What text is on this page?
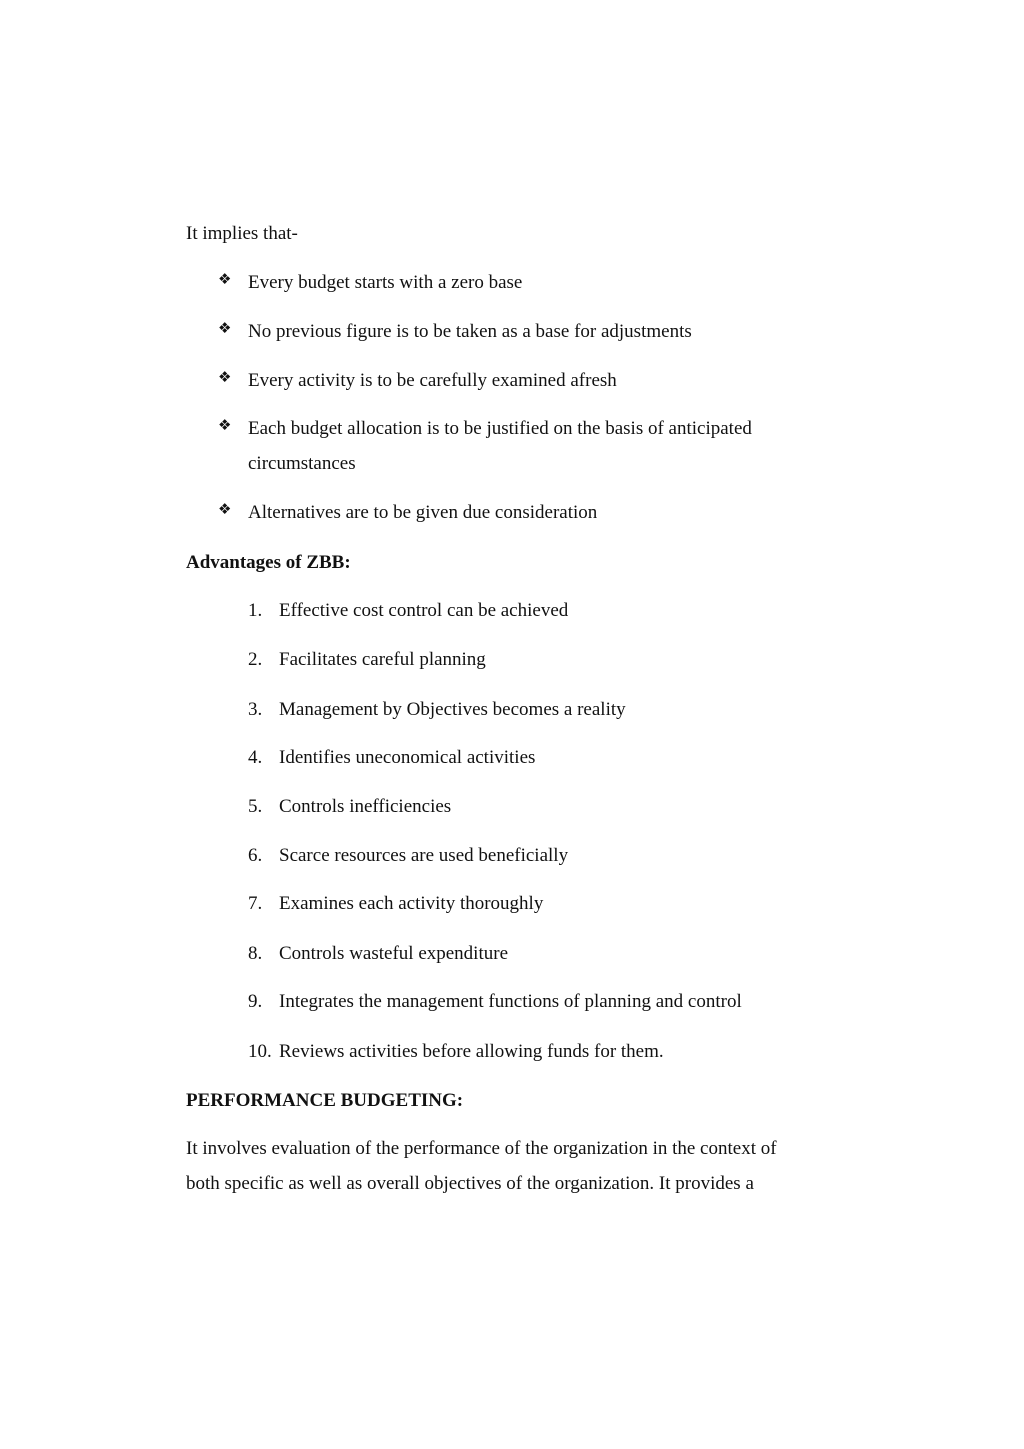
It implies that-
❖ Every budget starts with a zero base
❖ No previous figure is to be taken as a base for adjustments
❖ Every activity is to be carefully examined afresh
❖ Each budget allocation is to be justified on the basis of anticipated
circumstances
❖ Alternatives are to be given due consideration
Advantages of ZBB:
1. Effective cost control can be achieved
2. Facilitates careful planning
3. Management by Objectives becomes a reality
4. Identifies uneconomical activities
5. Controls inefficiencies
6. Scarce resources are used beneficially
7. Examines each activity thoroughly
8. Controls wasteful expenditure
9. Integrates the management functions of planning and control
10. Reviews activities before allowing funds for them.
PERFORMANCE BUDGETING:
It involves evaluation of the performance of the organization in the context of
both specific as well as overall objectives of the organization. It provides a
